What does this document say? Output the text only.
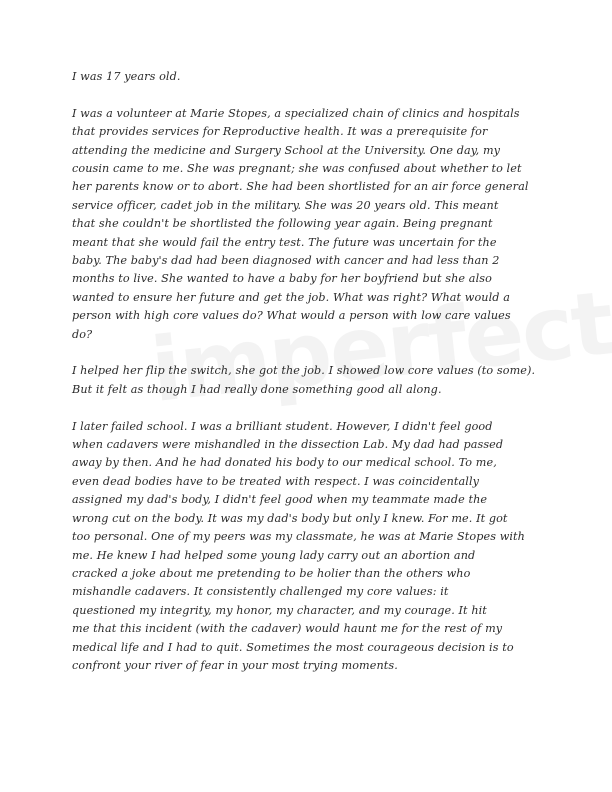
I was 17 years old.

I was a volunteer at Marie Stopes, a specialized chain of clinics and hospitals
that provides services for Reproductive health. It was a prerequisite for
attending the medicine and Surgery School at the University. One day, my
cousin came to me. She was pregnant; she was confused about whether to let
her parents know or to abort. She had been shortlisted for an air force general
service officer, cadet job in the military. She was 20 years old. This meant
that she couldn't be shortlisted the following year again. Being pregnant
meant that she would fail the entry test. The future was uncertain for the
baby. The baby's dad had been diagnosed with cancer and had less than 2
months to live. She wanted to have a baby for her boyfriend but she also
wanted to ensure her future and get the job. What was right? What would a
person with high core values do? What would a person with low care values
do?

I helped her flip the switch, she got the job. I showed low core values (to some).
But it felt as though I had really done something good all along.

I later failed school. I was a brilliant student. However, I didn't feel good
when cadavers were mishandled in the dissection Lab. My dad had passed
away by then. And he had donated his body to our medical school. To me,
even dead bodies have to be treated with respect. I was coincidentally
assigned my dad's body, I didn't feel good when my teammate made the
wrong cut on the body. It was my dad's body but only I knew. For me. It got
too personal. One of my peers was my classmate, he was at Marie Stopes with
me. He knew I had helped some young lady carry out an abortion and
cracked a joke about me pretending to be holier than the others who
mishandle cadavers. It consistently challenged my core values: it
questioned my integrity, my honor, my character, and my courage. It hit
me that this incident (with the cadaver) would haunt me for the rest of my
medical life and I had to quit. Sometimes the most courageous decision is to
confront your river of fear in your most trying moments.
